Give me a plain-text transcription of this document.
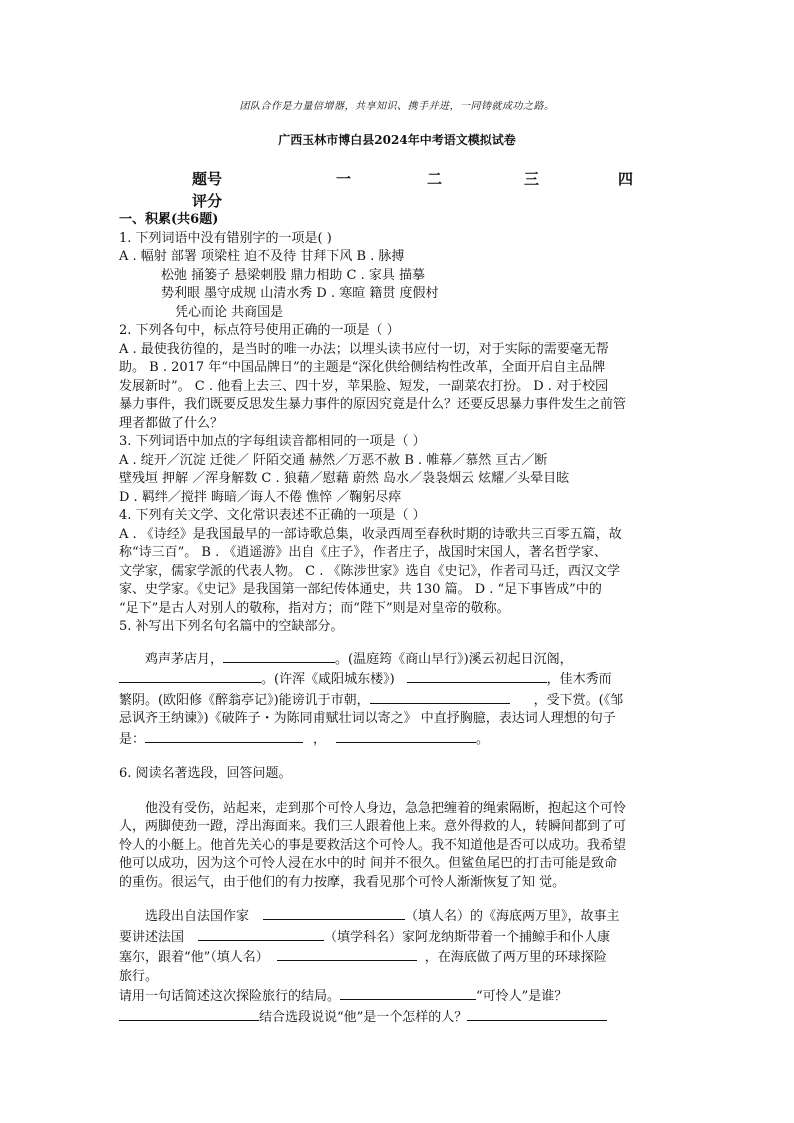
团队合作是力量倍增器，共享知识、携手并进，一同铸就成功之路。
广西玉林市博白县2024年中考语文模拟试卷
题号	一	二	三	四
评分

一、积累(共6题)

1. 下列词语中没有错别字的一项是( )

A . 幅射 部署 项梁柱 迫不及待 甘拜下风 B . 脉搏

松弛 捅篓子 悬梁刺股 鼎力相助 C . 家具 描摹

势利眼 墨守成规 山清水秀 D . 寒暄 籍贯 度假村

凭心而论 共商国是

2. 下列各句中，标点符号使用正确的一项是（ ）

A . 最使我彷徨的，是当时的唯一办法；以埋头读书应付一切，对于实际的需要毫无帮

助。 B . 2017 年“中国品牌日”的主题是“深化供给侧结构性改革，全面开启自主品牌

发展新时”。 C . 他看上去三、四十岁，苹果脸、短发，一副菜农打扮。 D . 对于校园

暴力事件，我们既要反思发生暴力事件的原因究竟是什么？还要反思暴力事件发生之前管

理者都做了什么？

3. 下列词语中加点的字每组读音都相同的一项是（ ）

A . 绽开／沉淀 迁徙／ 阡陌交通 赫然／万恶不赦 B . 帷幕／慕然 亘古／断

壁残垣 押解 ／浑身解数 C . 狼藉／慰藉 蔚然 岛水／袅袅烟云 炫耀／头晕目眩

D . 羁绊／搅拌 晦暗／诲人不倦 憔悴 ／鞠躬尽瘁

4. 下列有关文学、文化常识表述不正确的一项是（ ）

A . 《诗经》是我国最早的一部诗歌总集，收录西周至春秋时期的诗歌共三百零五篇，故

称“诗三百”。 B . 《逍遥游》出自《庄子》，作者庄子，战国时宋国人，著名哲学家、

文学家，儒家学派的代表人物。 C . 《陈涉世家》选自《史记》，作者司马迁，西汉文学

家、史学家。《史记》是我国第一部纪传体通史，共 130 篇。 D . “足下事皆成”中的

“足下”是古人对别人的敬称，指对方；而“陛下”则是对皇帝的敬称。

5. 补写出下列名句名篇中的空缺部分。

鸡声茅店月，	。(温庭筠《商山早行》)溪云初起日沉阁，

。(许浑《咸阳城东楼》)	，佳木秀而

繁阴。(欧阳修《醉翁亭记》)能谤讥于市朝，	，受下赏。(《邹

忌讽齐王纳谏》)《破阵子・为陈同甫赋壮词以寄之》 中直抒胸臆，表达词人理想的句子

是：	，	。

6. 阅读名著选段，回答问题。

他没有受伤，站起来，走到那个可怜人身边，急急把缠着的绳索隔断，抱起这个可怜

人，两脚使劲一蹬，浮出海面来。我们三人跟着他上来。意外得救的人，转瞬间都到了可

怜人的小艇上。他首先关心的事是要救活这个可怜人。我不知道他是否可以成功。我希望

他可以成功，因为这个可怜人浸在水中的时 间并不很久。但鲨鱼尾巴的打击可能是致命

的重伤。很运气，由于他们的有力按摩，我看见那个可怜人渐渐恢复了知 觉。

选段出自法国作家	（填人名）的《海底两万里》，故事主

要讲述法国	（填学科名）家阿龙纳斯带着一个捕鲸手和仆人康

塞尔，跟着“他”（填人名）	，在海底做了两万里的环球探险

旅行。

请用一句话简述这次探险旅行的结局。	“可怜人”是谁？

结合选段说说“他”是一个怎样的人？
